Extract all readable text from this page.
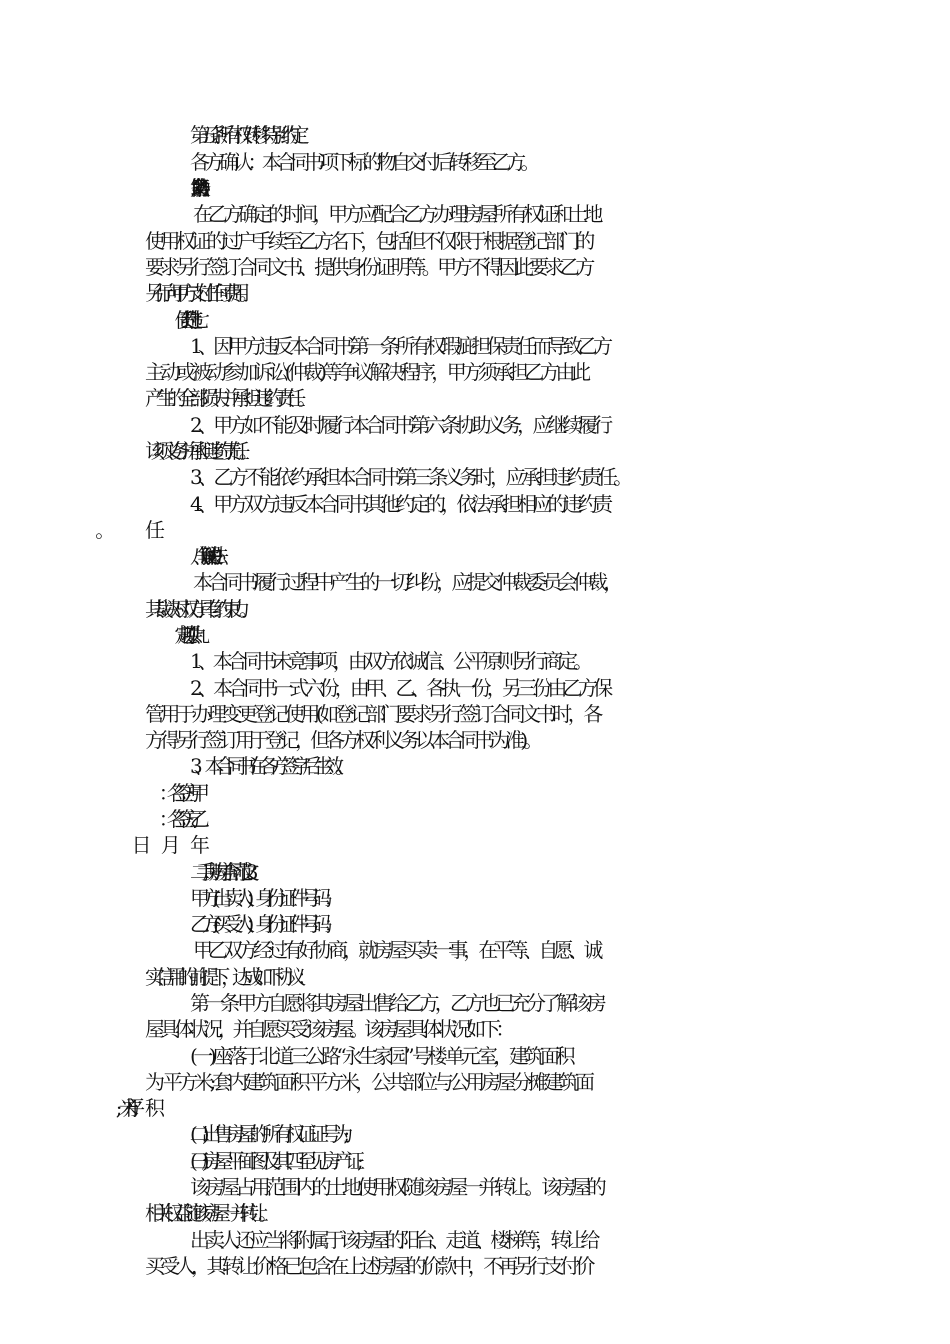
第五条 所有权转移特别约定

各方确认：本合同书项下标的物自交付后转移至乙方。

第六条协助义务

在乙方确定的时间，甲方应配合乙方办理房屋所有权证和土地

使用权证的过户手续至乙方名下，包括但不仅限于根据登记部门的

要求另行签订合同文书、提供身份证明等。甲方不得因此要求乙方

另行向甲方支付任何费用。

1、因甲方违反本合同书第一条所有权瑕疵担保责任而导致乙方

主动或被动参加诉讼(仲裁)等争议解决程序，甲方须承担乙方由此

产生的全部损失并承担违约责任。

2、甲方如不能及时履行本合同书第六条协助义务，应继续履行

该项义务并承担违约责任。

3、乙方不能依约承担本合同书第三条义务时，应承担违约责任。

4、甲方双方违反本合同书其他约定的，依法承担相应的违约责

八、争议解决办法

本合同书履行过程中产生的一切纠纷，应提交仲裁委员会仲裁，

其裁决对双方具有约束力。

1、本合同书未竟事项，由双方依诚信、公平原则另行商定。

2、本合同书一式六份，由甲、乙、各执一份，另三份由乙方保

管用于办理变更登记使用(如登记部门要求另行签订合同文书时，各

方得另行签订用于登记，但各方权利义务以本合同书为准)。

3、本合同书在各方签字后生效。

二手房购房合同范文3

甲方(出卖人)： 身份证件号码：

乙方(买受人)： 身份证件号码：

甲乙双方经过有好协商，就房屋买卖一事，在平等、自愿、诚

实信用的前提下，达成如下协议：

第一条 甲方自愿将其房屋出售给乙方，乙方也已充分了解该房

屋具体状况，并自愿买受该房屋。该房屋具体状况如下：

(一)座落于北道三公路“永生家园” 号楼 单元 室，建筑面积

为 平方米;套内建筑面积 平方米，公共部位与公用房屋分摊建筑面

(二)出售房屋的所有权证证号为 ;

(三)房屋平面图及其四至见房产证;

该房屋占用范围内的土地使用权随该房屋一并转让。 该房屋的

相关权益随该房屋一并转让。

出卖人还应当将附属于该房屋的阳台、走道、楼梯等，转让给

买受人，其转让价格已包含在上述房屋的价款中，不再另行支付价
